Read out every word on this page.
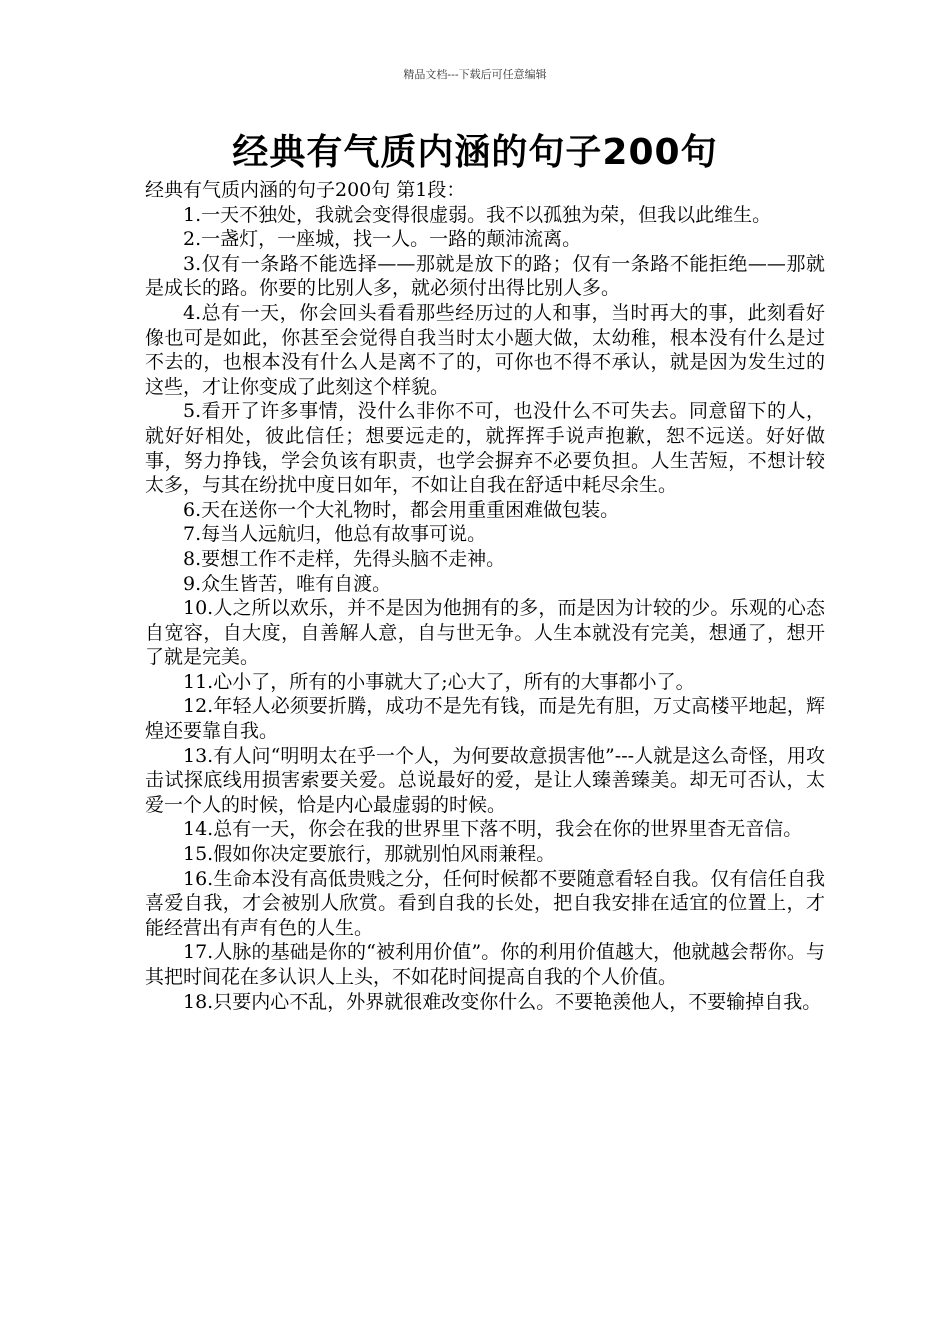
精品文档---下载后可任意编辑
经典有气质内涵的句子200句

经典有气质内涵的句子200句 第1段：

1.一天不独处，我就会变得很虚弱。我不以孤独为荣，但我以此维生。

2.一盏灯，一座城，找一人。一路的颠沛流离。

3.仅有一条路不能选择——那就是放下的路；仅有一条路不能拒绝——那就是成长的路。你要的比别人多，就必须付出得比别人多。

4.总有一天，你会回头看看那些经历过的人和事，当时再大的事，此刻看好像也可是如此，你甚至会觉得自我当时太小题大做，太幼稚，根本没有什么是过不去的，也根本没有什么人是离不了的，可你也不得不承认，就是因为发生过的这些，才让你变成了此刻这个样貌。

5.看开了许多事情，没什么非你不可，也没什么不可失去。同意留下的人，就好好相处，彼此信任；想要远走的，就挥挥手说声抱歉，恕不远送。好好做事，努力挣钱，学会负该有职责，也学会摒弃不必要负担。人生苦短，不想计较太多，与其在纷扰中度日如年，不如让自我在舒适中耗尽余生。

6.天在送你一个大礼物时，都会用重重困难做包装。

7.每当人远航归，他总有故事可说。

8.要想工作不走样，先得头脑不走神。

9.众生皆苦，唯有自渡。

10.人之所以欢乐，并不是因为他拥有的多，而是因为计较的少。乐观的心态自宽容，自大度，自善解人意，自与世无争。人生本就没有完美，想通了，想开了就是完美。

11.心小了，所有的小事就大了;心大了，所有的大事都小了。

12.年轻人必须要折腾，成功不是先有钱，而是先有胆，万丈高楼平地起，辉煌还要靠自我。

13.有人问“明明太在乎一个人，为何要故意损害他”---人就是这么奇怪，用攻击试探底线用损害索要关爱。总说最好的爱，是让人臻善臻美。却无可否认，太爱一个人的时候，恰是内心最虚弱的时候。

14.总有一天，你会在我的世界里下落不明，我会在你的世界里杳无音信。

15.假如你决定要旅行，那就别怕风雨兼程。

16.生命本没有高低贵贱之分，任何时候都不要随意看轻自我。仅有信任自我喜爱自我，才会被别人欣赏。看到自我的长处，把自我安排在适宜的位置上，才能经营出有声有色的人生。

17.人脉的基础是你的“被利用价值”。你的利用价值越大，他就越会帮你。与其把时间花在多认识人上头，不如花时间提高自我的个人价值。

18.只要内心不乱，外界就很难改变你什么。不要艳羡他人，不要输掉自我。
